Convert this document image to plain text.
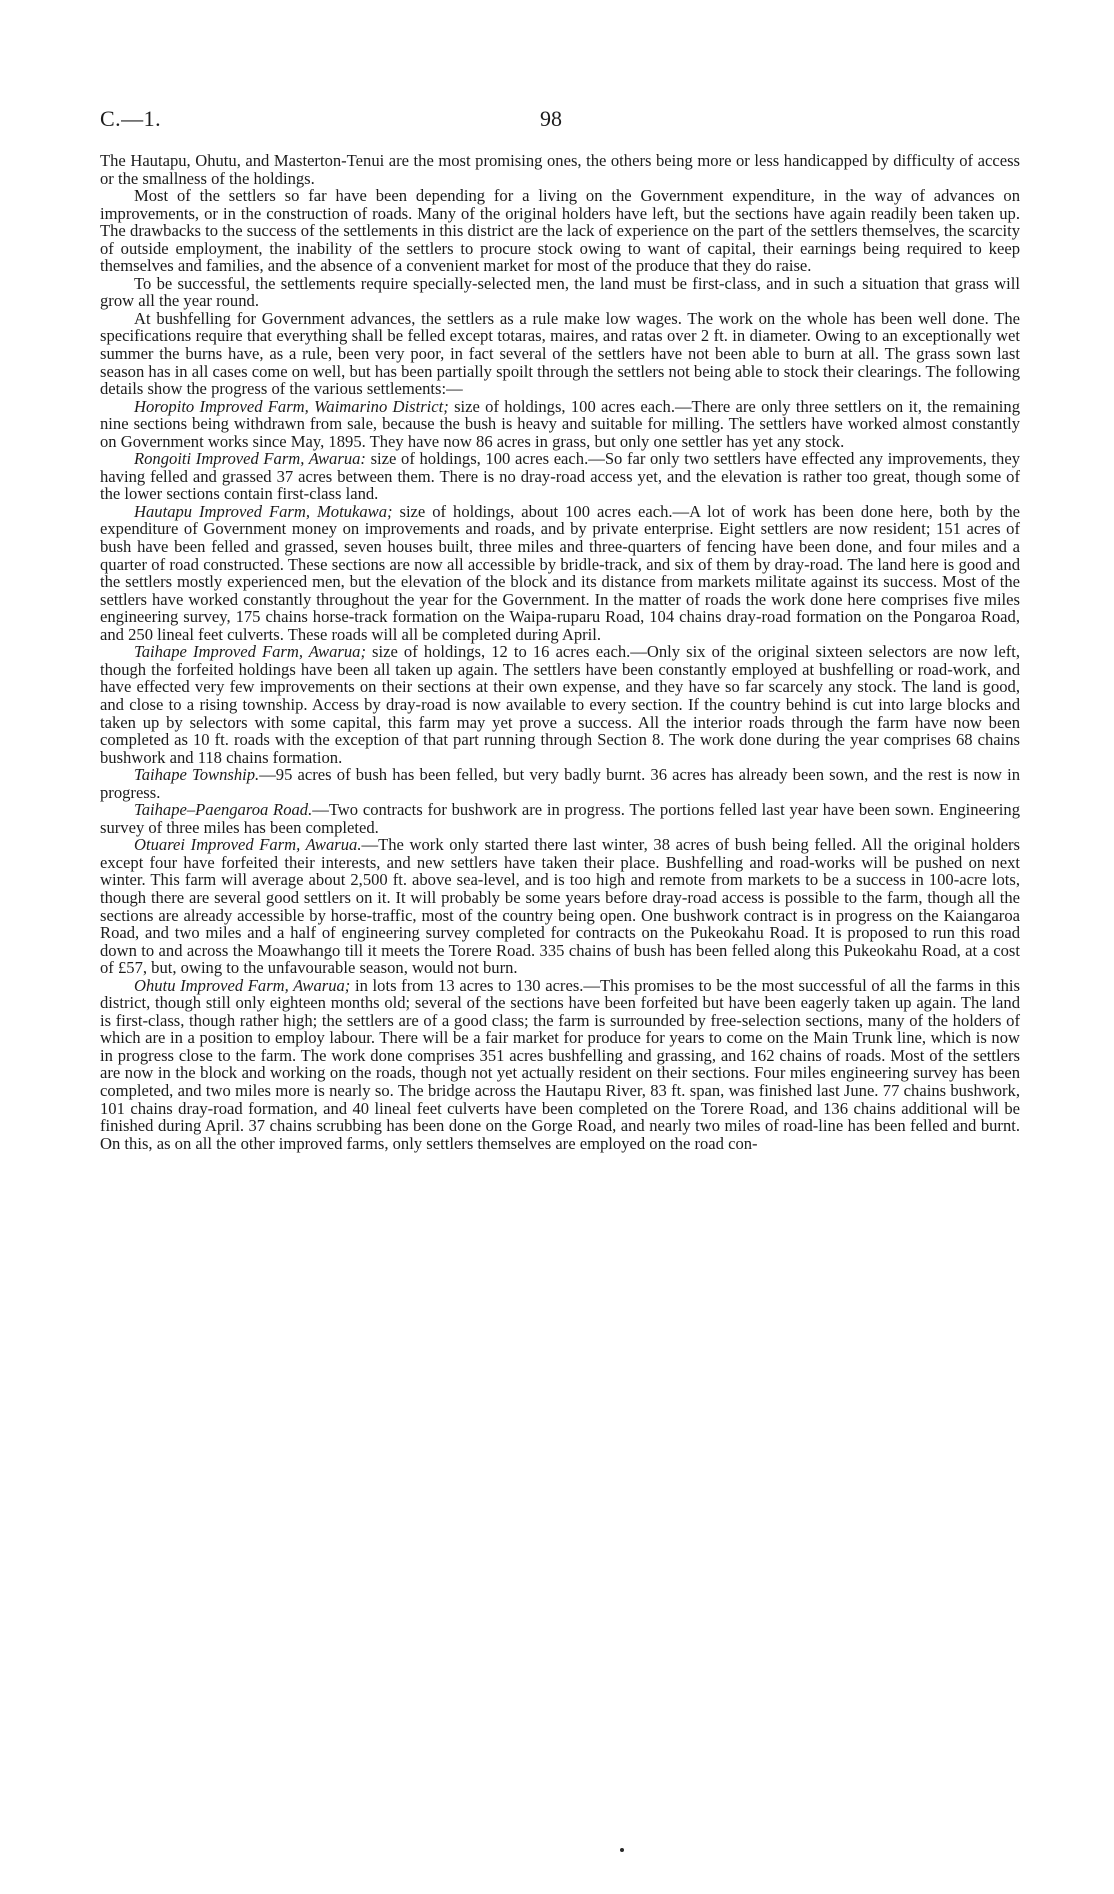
C.—1.	98

The Hautapu, Ohutu, and Masterton-Tenui are the most promising ones, the others being more or less handicapped by difficulty of access or the smallness of the holdings.

Most of the settlers so far have been depending for a living on the Government expenditure, in the way of advances on improvements, or in the construction of roads. Many of the original holders have left, but the sections have again readily been taken up. The drawbacks to the success of the settlements in this district are the lack of experience on the part of the settlers themselves, the scarcity of outside employment, the inability of the settlers to procure stock owing to want of capital, their earnings being required to keep themselves and families, and the absence of a convenient market for most of the produce that they do raise.

To be successful, the settlements require specially-selected men, the land must be first-class, and in such a situation that grass will grow all the year round.

At bushfelling for Government advances, the settlers as a rule make low wages. The work on the whole has been well done. The specifications require that everything shall be felled except totaras, maires, and ratas over 2 ft. in diameter. Owing to an exceptionally wet summer the burns have, as a rule, been very poor, in fact several of the settlers have not been able to burn at all. The grass sown last season has in all cases come on well, but has been partially spoilt through the settlers not being able to stock their clearings. The following details show the progress of the various settlements:—

Horopito Improved Farm, Waimarino District; size of holdings, 100 acres each.—There are only three settlers on it, the remaining nine sections being withdrawn from sale, because the bush is heavy and suitable for milling. The settlers have worked almost constantly on Government works since May, 1895. They have now 86 acres in grass, but only one settler has yet any stock.

Rongoiti Improved Farm, Awarua: size of holdings, 100 acres each.—So far only two settlers have effected any improvements, they having felled and grassed 37 acres between them. There is no dray-road access yet, and the elevation is rather too great, though some of the lower sections contain first-class land.

Hautapu Improved Farm, Motukawa; size of holdings, about 100 acres each.—A lot of work has been done here, both by the expenditure of Government money on improvements and roads, and by private enterprise. Eight settlers are now resident; 151 acres of bush have been felled and grassed, seven houses built, three miles and three-quarters of fencing have been done, and four miles and a quarter of road constructed. These sections are now all accessible by bridle-track, and six of them by dray-road. The land here is good and the settlers mostly experienced men, but the elevation of the block and its distance from markets militate against its success. Most of the settlers have worked constantly throughout the year for the Government. In the matter of roads the work done here comprises five miles engineering survey, 175 chains horse-track formation on the Waipa-ruparu Road, 104 chains dray-road formation on the Pongaroa Road, and 250 lineal feet culverts. These roads will all be completed during April.

Taihape Improved Farm, Awarua; size of holdings, 12 to 16 acres each.—Only six of the original sixteen selectors are now left, though the forfeited holdings have been all taken up again. The settlers have been constantly employed at bushfelling or road-work, and have effected very few improvements on their sections at their own expense, and they have so far scarcely any stock. The land is good, and close to a rising township. Access by dray-road is now available to every section. If the country behind is cut into large blocks and taken up by selectors with some capital, this farm may yet prove a success. All the interior roads through the farm have now been completed as 10 ft. roads with the exception of that part running through Section 8. The work done during the year comprises 68 chains bushwork and 118 chains formation.

Taihape Township.—95 acres of bush has been felled, but very badly burnt. 36 acres has already been sown, and the rest is now in progress.

Taihape–Paengaroa Road.—Two contracts for bushwork are in progress. The portions felled last year have been sown. Engineering survey of three miles has been completed.

Otuarei Improved Farm, Awarua.—The work only started there last winter, 38 acres of bush being felled. All the original holders except four have forfeited their interests, and new settlers have taken their place. Bushfelling and road-works will be pushed on next winter. This farm will average about 2,500 ft. above sea-level, and is too high and remote from markets to be a success in 100-acre lots, though there are several good settlers on it. It will probably be some years before dray-road access is possible to the farm, though all the sections are already accessible by horse-traffic, most of the country being open. One bushwork contract is in progress on the Kaiangaroa Road, and two miles and a half of engineering survey completed for contracts on the Pukeokahu Road. It is proposed to run this road down to and across the Moawhango till it meets the Torere Road. 335 chains of bush has been felled along this Pukeokahu Road, at a cost of £57, but, owing to the unfavourable season, would not burn.

Ohutu Improved Farm, Awarua; in lots from 13 acres to 130 acres.—This promises to be the most successful of all the farms in this district, though still only eighteen months old; several of the sections have been forfeited but have been eagerly taken up again. The land is first-class, though rather high; the settlers are of a good class; the farm is surrounded by free-selection sections, many of the holders of which are in a position to employ labour. There will be a fair market for produce for years to come on the Main Trunk line, which is now in progress close to the farm. The work done comprises 351 acres bushfelling and grassing, and 162 chains of roads. Most of the settlers are now in the block and working on the roads, though not yet actually resident on their sections. Four miles engineering survey has been completed, and two miles more is nearly so. The bridge across the Hautapu River, 83 ft. span, was finished last June. 77 chains bushwork, 101 chains dray-road formation, and 40 lineal feet culverts have been completed on the Torere Road, and 136 chains additional will be finished during April. 37 chains scrubbing has been done on the Gorge Road, and nearly two miles of road-line has been felled and burnt. On this, as on all the other improved farms, only settlers themselves are employed on the road con-
